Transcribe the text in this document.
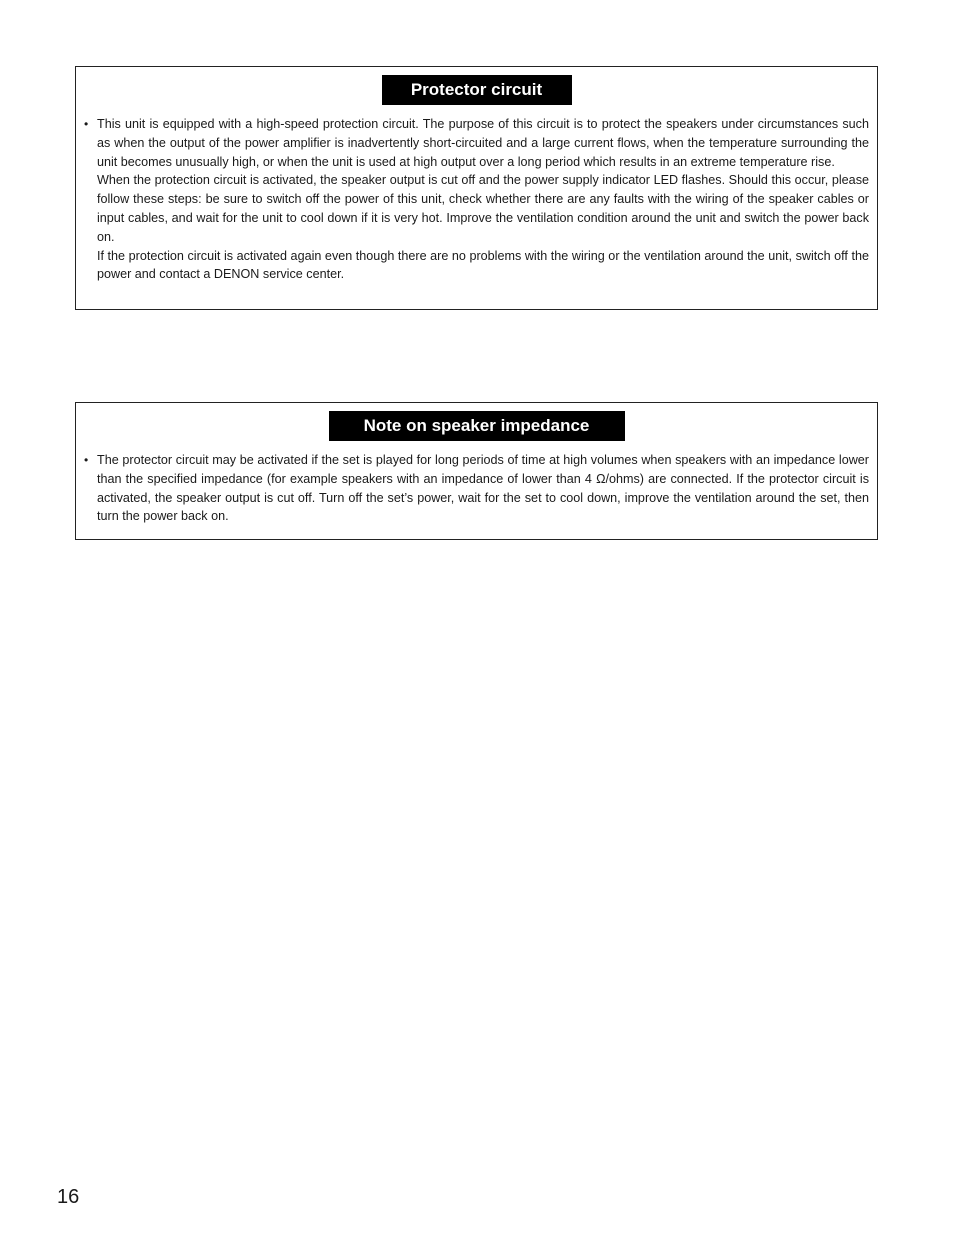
Protector circuit
• This unit is equipped with a high-speed protection circuit. The purpose of this circuit is to protect the speakers under circumstances such as when the output of the power amplifier is inadvertently short-circuited and a large current flows, when the temperature surrounding the unit becomes unusually high, or when the unit is used at high output over a long period which results in an extreme temperature rise.

When the protection circuit is activated, the speaker output is cut off and the power supply indicator LED flashes. Should this occur, please follow these steps: be sure to switch off the power of this unit, check whether there are any faults with the wiring of the speaker cables or input cables, and wait for the unit to cool down if it is very hot. Improve the ventilation condition around the unit and switch the power back on.

If the protection circuit is activated again even though there are no problems with the wiring or the ventilation around the unit, switch off the power and contact a DENON service center.

Note on speaker impedance
• The protector circuit may be activated if the set is played for long periods of time at high volumes when speakers with an impedance lower than the specified impedance (for example speakers with an impedance of lower than 4 Ω/ohms) are connected. If the protector circuit is activated, the speaker output is cut off. Turn off the set’s power, wait for the set to cool down, improve the ventilation around the set, then turn the power back on.

16
